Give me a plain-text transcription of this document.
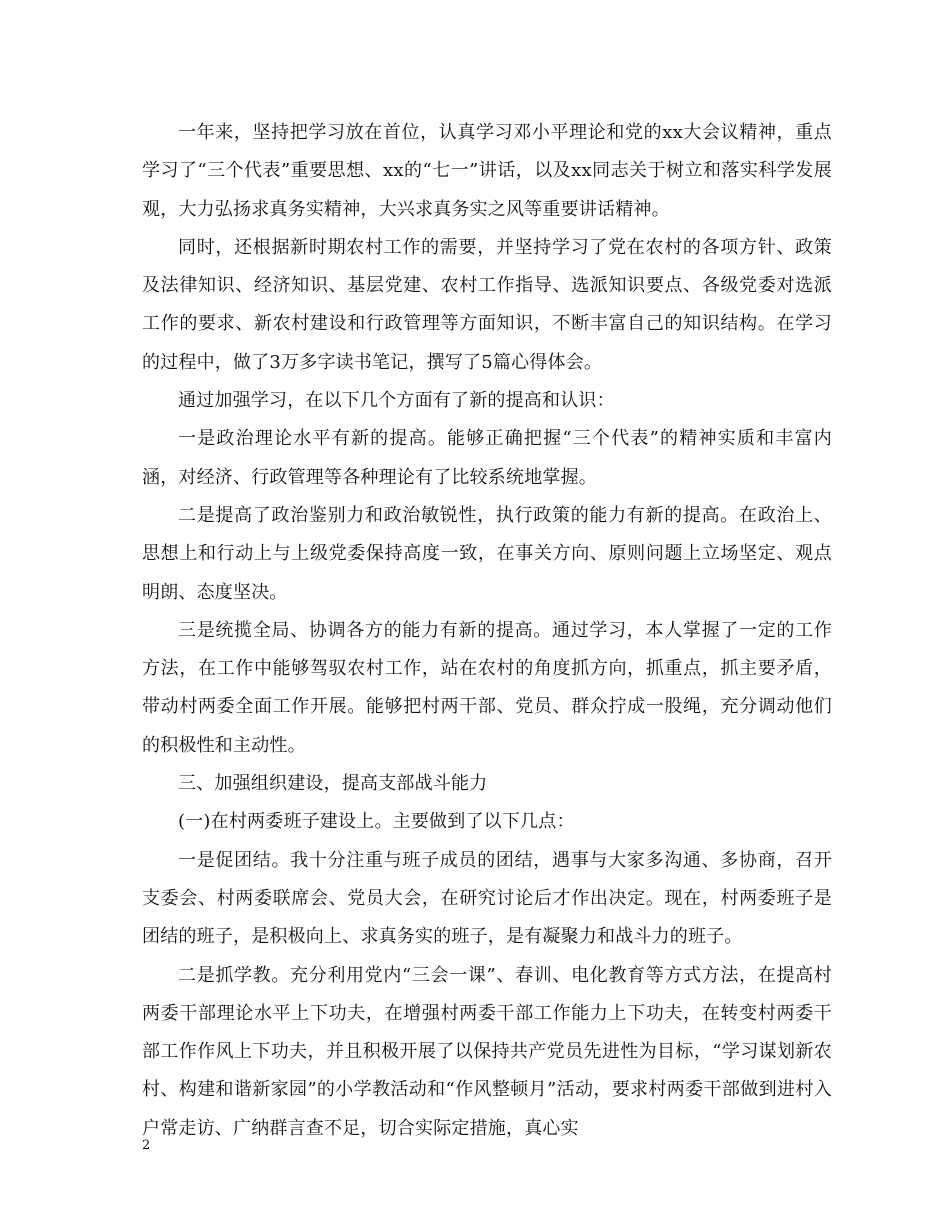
一年来，坚持把学习放在首位，认真学习邓小平理论和党的xx大会议精神，重点学习了“三个代表”重要思想、xx的“七一”讲话，以及xx同志关于树立和落实科学发展观，大力弘扬求真务实精神，大兴求真务实之风等重要讲话精神。

同时，还根据新时期农村工作的需要，并坚持学习了党在农村的各项方针、政策及法律知识、经济知识、基层党建、农村工作指导、选派知识要点、各级党委对选派工作的要求、新农村建设和行政管理等方面知识，不断丰富自己的知识结构。在学习的过程中，做了3万多字读书笔记，撰写了5篇心得体会。

通过加强学习，在以下几个方面有了新的提高和认识：

一是政治理论水平有新的提高。能够正确把握“三个代表”的精神实质和丰富内涵，对经济、行政管理等各种理论有了比较系统地掌握。

二是提高了政治鉴别力和政治敏锐性，执行政策的能力有新的提高。在政治上、思想上和行动上与上级党委保持高度一致，在事关方向、原则问题上立场坚定、观点明朗、态度坚决。

三是统揽全局、协调各方的能力有新的提高。通过学习，本人掌握了一定的工作方法，在工作中能够驾驭农村工作，站在农村的角度抓方向，抓重点，抓主要矛盾，带动村两委全面工作开展。能够把村两干部、党员、群众拧成一股绳，充分调动他们的积极性和主动性。

三、加强组织建设，提高支部战斗能力

(一)在村两委班子建设上。主要做到了以下几点：

一是促团结。我十分注重与班子成员的团结，遇事与大家多沟通、多协商，召开支委会、村两委联席会、党员大会，在研究讨论后才作出决定。现在，村两委班子是团结的班子，是积极向上、求真务实的班子，是有凝聚力和战斗力的班子。

二是抓学教。充分利用党内“三会一课”、春训、电化教育等方式方法，在提高村两委干部理论水平上下功夫，在增强村两委干部工作能力上下功夫，在转变村两委干部工作作风上下功夫，并且积极开展了以保持共产党员先进性为目标，“学习谋划新农村、构建和谐新家园”的小学教活动和“作风整顿月”活动，要求村两委干部做到进村入户常走访、广纳群言查不足，切合实际定措施，真心实

2
